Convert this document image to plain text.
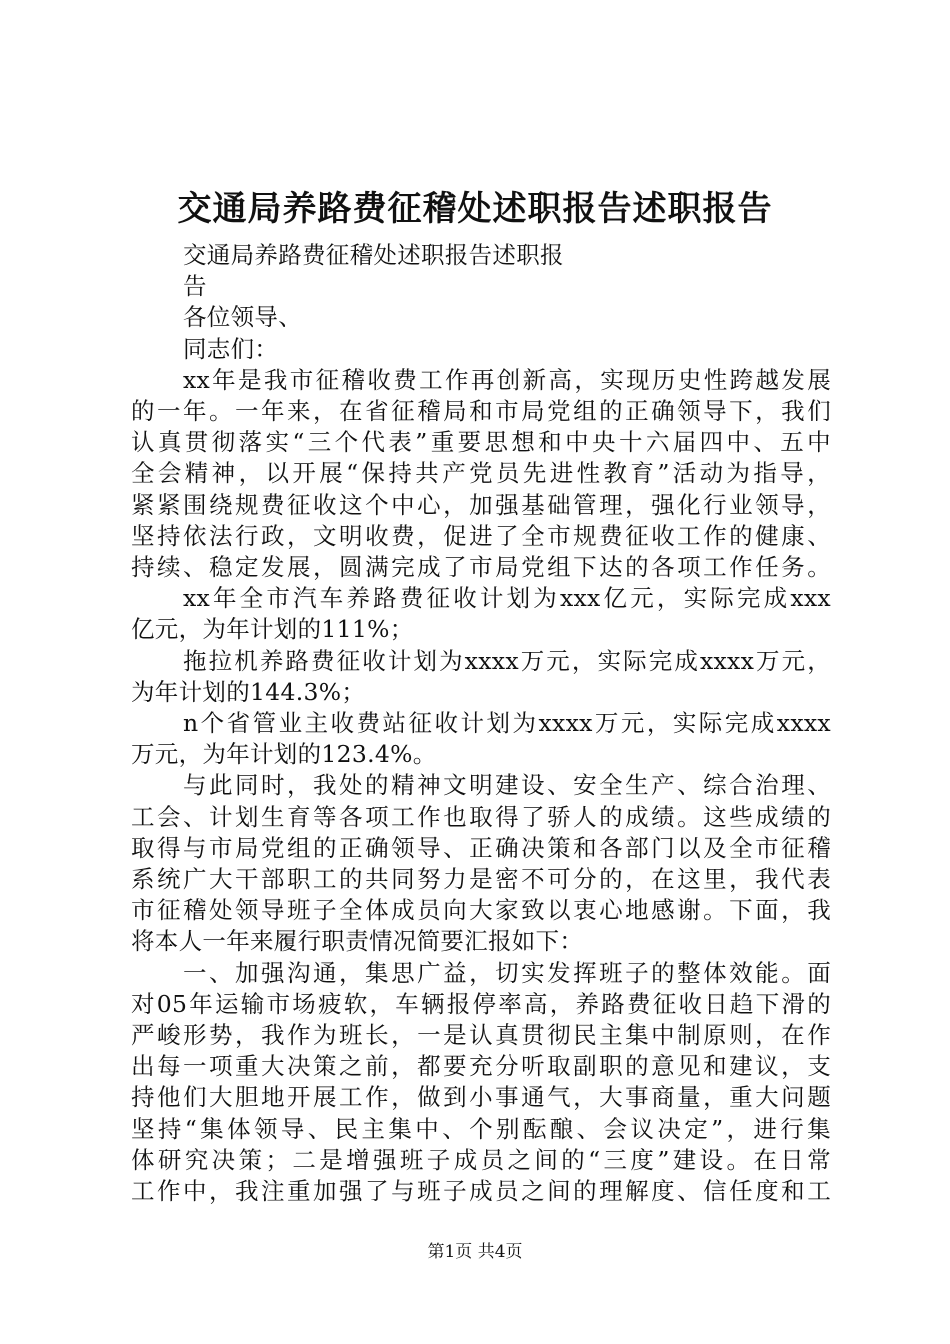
交通局养路费征稽处述职报告述职报告
交通局养路费征稽处述职报告述职报
告
各位领导、
同志们：
xx年是我市征稽收费工作再创新高，实现历史性跨越发展
的一年。一年来，在省征稽局和市局党组的正确领导下，我们
认真贯彻落实“三个代表”重要思想和中央十六届四中、五中
全会精神，以开展“保持共产党员先进性教育”活动为指导，
紧紧围绕规费征收这个中心，加强基础管理，强化行业领导，
坚持依法行政，文明收费，促进了全市规费征收工作的健康、
持续、稳定发展，圆满完成了市局党组下达的各项工作任务。
xx年全市汽车养路费征收计划为xxx亿元，实际完成xxx
亿元，为年计划的111%；
拖拉机养路费征收计划为xxxx万元，实际完成xxxx万元，
为年计划的144.3%；
n个省管业主收费站征收计划为xxxx万元，实际完成xxxx
万元，为年计划的123.4%。
与此同时，我处的精神文明建设、安全生产、综合治理、
工会、计划生育等各项工作也取得了骄人的成绩。这些成绩的
取得与市局党组的正确领导、正确决策和各部门以及全市征稽
系统广大干部职工的共同努力是密不可分的，在这里，我代表
市征稽处领导班子全体成员向大家致以衷心地感谢。下面，我
将本人一年来履行职责情况简要汇报如下：
一、加强沟通，集思广益，切实发挥班子的整体效能。面
对05年运输市场疲软，车辆报停率高，养路费征收日趋下滑的
严峻形势，我作为班长，一是认真贯彻民主集中制原则，在作
出每一项重大决策之前，都要充分听取副职的意见和建议，支
持他们大胆地开展工作，做到小事通气，大事商量，重大问题
坚持“集体领导、民主集中、个别酝酿、会议决定”，进行集
体研究决策；二是增强班子成员之间的“三度”建设。在日常
工作中，我注重加强了与班子成员之间的理解度、信任度和工
第1页 共4页
